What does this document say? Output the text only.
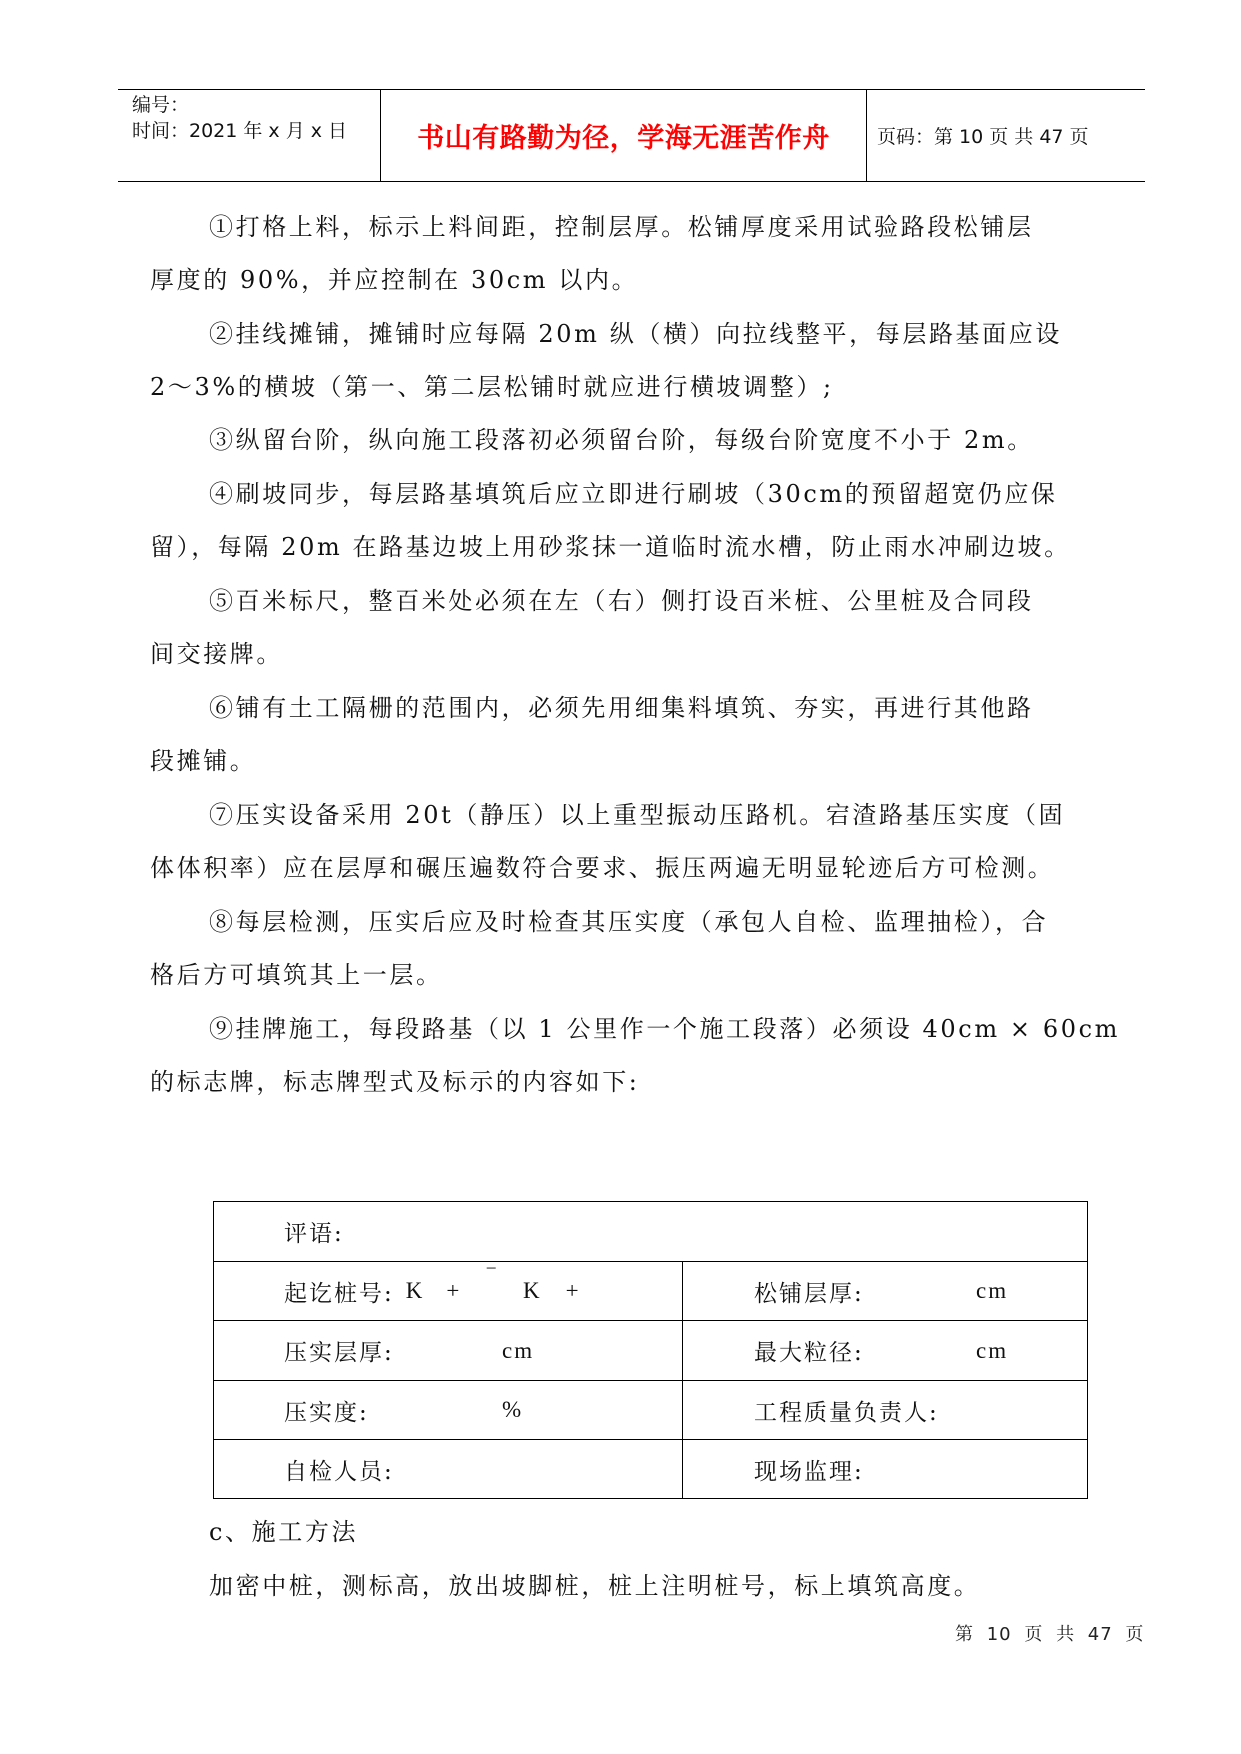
编号：
时间：2021 年 x 月 x 日	书山有路勤为径，学海无涯苦作舟	页码：第 10 页 共 47 页
①打格上料，标示上料间距，控制层厚。松铺厚度采用试验路段松铺层
厚度的 90%，并应控制在 30cm 以内。
②挂线摊铺，摊铺时应每隔 20m 纵（横）向拉线整平，每层路基面应设
2～3%的横坡（第一、第二层松铺时就应进行横坡调整）;
③纵留台阶，纵向施工段落初必须留台阶，每级台阶宽度不小于 2m。
④刷坡同步，每层路基填筑后应立即进行刷坡（30cm的预留超宽仍应保
留），每隔 20m 在路基边坡上用砂浆抹一道临时流水槽，防止雨水冲刷边坡。
⑤百米标尺，整百米处必须在左（右）侧打设百米桩、公里桩及合同段
间交接牌。
⑥铺有土工隔栅的范围内，必须先用细集料填筑、夯实，再进行其他路
段摊铺。
⑦压实设备采用 20t（静压）以上重型振动压路机。宕渣路基压实度（固
体体积率）应在层厚和碾压遍数符合要求、振压两遍无明显轮迹后方可检测。
⑧每层检测，压实后应及时检查其压实度（承包人自检、监理抽检），合
格后方可填筑其上一层。
⑨挂牌施工，每段路基（以 1 公里作一个施工段落）必须设 40cm × 60cm
的标志牌，标志牌型式及标示的内容如下:
评语:
起讫桩号: K + ‾ K +	松铺层厚:	cm
压实层厚:	cm	最大粒径:	cm
压实度:	%	工程质量负责人:
自检人员:	现场监理:
c、施工方法
加密中桩，测标高，放出坡脚桩，桩上注明桩号，标上填筑高度。
第 10 页 共 47 页
